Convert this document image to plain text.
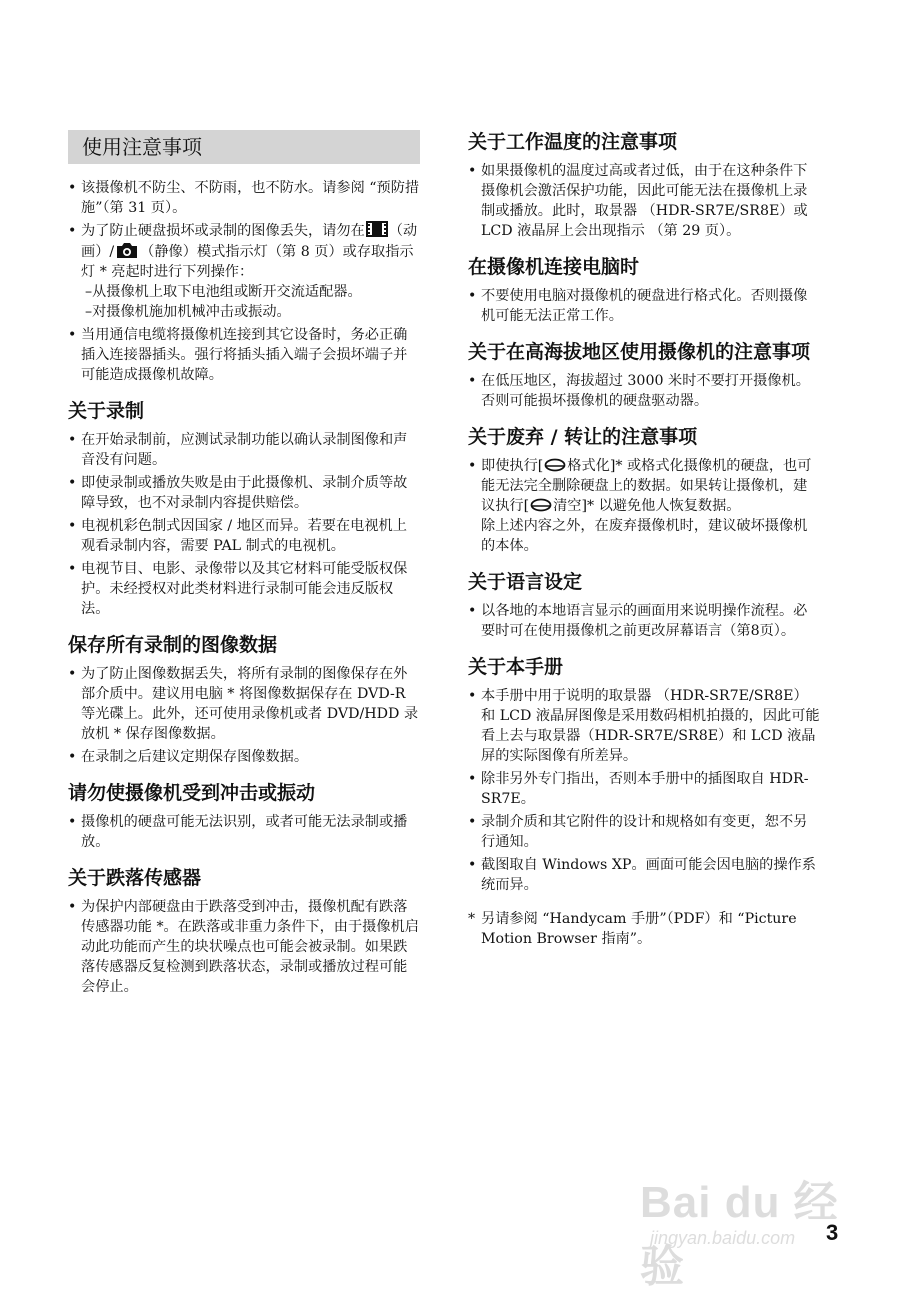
使用注意事项
• 该摄像机不防尘、不防雨，也不防水。请参阅 “预防措施”（第 31 页）。
• 为了防止硬盘损坏或录制的图像丢失，请勿在 （动画）/ （静像）模式指示灯（第 8 页）或存取指示灯 * 亮起时进行下列操作：
–从摄像机上取下电池组或断开交流适配器。
–对摄像机施加机械冲击或振动。
• 当用通信电缆将摄像机连接到其它设备时，务必正确插入连接器插头。强行将插头插入端子会损坏端子并可能造成摄像机故障。
关于录制
• 在开始录制前，应测试录制功能以确认录制图像和声音没有问题。
• 即使录制或播放失败是由于此摄像机、录制介质等故障导致，也不对录制内容提供赔偿。
• 电视机彩色制式因国家 / 地区而异。若要在电视机上观看录制内容，需要 PAL 制式的电视机。
• 电视节目、电影、录像带以及其它材料可能受版权保护。未经授权对此类材料进行录制可能会违反版权法。
保存所有录制的图像数据
• 为了防止图像数据丢失，将所有录制的图像保存在外部介质中。建议用电脑 * 将图像数据保存在 DVD-R 等光碟上。此外，还可使用录像机或者 DVD/HDD 录放机 * 保存图像数据。
• 在录制之后建议定期保存图像数据。
请勿使摄像机受到冲击或振动
• 摄像机的硬盘可能无法识别，或者可能无法录制或播放。
关于跌落传感器
• 为保护内部硬盘由于跌落受到冲击，摄像机配有跌落传感器功能 *。在跌落或非重力条件下，由于摄像机启动此功能而产生的块状噪点也可能会被录制。如果跌落传感器反复检测到跌落状态，录制或播放过程可能会停止。
关于工作温度的注意事项
• 如果摄像机的温度过高或者过低，由于在这种条件下摄像机会激活保护功能，因此可能无法在摄像机上录制或播放。此时，取景器 （HDR-SR7E/SR8E）或 LCD 液晶屏上会出现指示 （第 29 页）。
在摄像机连接电脑时
• 不要使用电脑对摄像机的硬盘进行格式化。否则摄像机可能无法正常工作。
关于在高海拔地区使用摄像机的注意事项
• 在低压地区，海拔超过 3000 米时不要打开摄像机。否则可能损坏摄像机的硬盘驱动器。
关于废弃 / 转让的注意事项
• 即使执行[ 格式化]* 或格式化摄像机的硬盘，也可能无法完全删除硬盘上的数据。如果转让摄像机，建议执行[ 清空]* 以避免他人恢复数据。
除上述内容之外，在废弃摄像机时，建议破坏摄像机的本体。
关于语言设定
• 以各地的本地语言显示的画面用来说明操作流程。必要时可在使用摄像机之前更改屏幕语言（第8页）。
关于本手册
• 本手册中用于说明的取景器 （HDR-SR7E/SR8E）和 LCD 液晶屏图像是采用数码相机拍摄的，因此可能看上去与取景器（HDR-SR7E/SR8E）和 LCD 液晶屏的实际图像有所差异。
• 除非另外专门指出，否则本手册中的插图取自 HDR-SR7E。
• 录制介质和其它附件的设计和规格如有变更，恕不另行通知。
• 截图取自 Windows XP。画面可能会因电脑的操作系统而异。
* 另请参阅 “Handycam 手册”（PDF）和 “Picture Motion Browser 指南”。
Bai du 经验
jingyan.baidu.com 3
